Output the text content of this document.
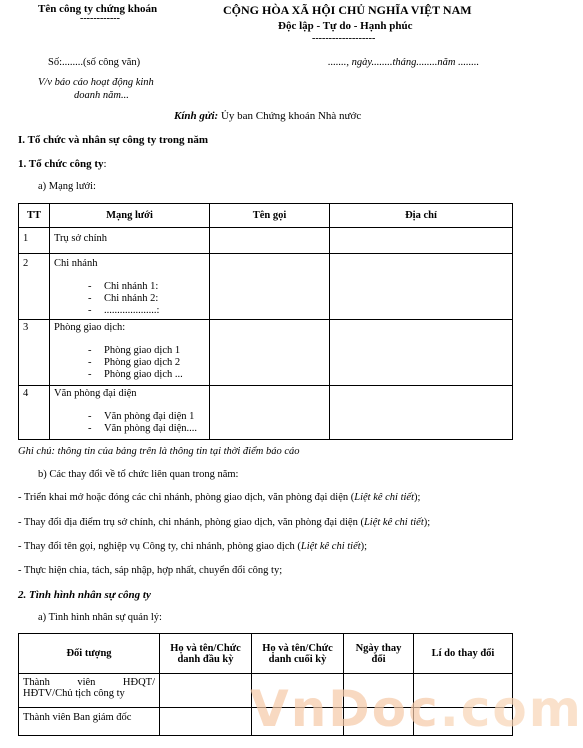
Tên công ty chứng khoán
------------
CỘNG HÒA XÃ HỘI CHỦ NGHĨA VIỆT NAM
Độc lập - Tự do - Hạnh phúc
-------------------
Số:........(số công văn)	......., ngày........tháng........năm ........
V/v báo cáo hoạt động kinh
doanh năm...
Kính gửi: Ủy ban Chứng khoán Nhà nước
I. Tổ chức và nhân sự công ty trong năm
1. Tổ chức công ty:
a) Mạng lưới:
TT	Mạng lưới	Tên gọi	Địa chỉ
1	Trụ sở chính		
2	Chi nhánh
- Chi nhánh 1:
- Chi nhánh 2:
- ....................:

3	Phòng giao dịch:
- Phòng giao dịch 1
- Phòng giao dịch 2
- Phòng giao dịch ...

4	Văn phòng đại diện
- Văn phòng đại diện 1
- Văn phòng đại diện....

Ghi chú: thông tin của bảng trên là thông tin tại thời điểm báo cáo
b) Các thay đổi về tổ chức liên quan trong năm:
- Triển khai mở hoặc đóng các chi nhánh, phòng giao dịch, văn phòng đại diện (Liệt kê chi tiết);
- Thay đổi địa điểm trụ sở chính, chi nhánh, phòng giao dịch, văn phòng đại diện (Liệt kê chi tiết);
- Thay đổi tên gọi, nghiệp vụ Công ty, chi nhánh, phòng giao dịch (Liệt kê chi tiết);
- Thực hiện chia, tách, sáp nhập, hợp nhất, chuyển đổi công ty;
2. Tình hình nhân sự công ty
a) Tình hình nhân sự quản lý:
Đối tượng	Họ và tên/Chức danh đầu kỳ	Họ và tên/Chức danh cuối kỳ	Ngày thay đổi	Lí do thay đổi
Thành viên HĐQT/ HĐTV/Chủ tịch công ty				
Thành viên Ban giám đốc				VnDoc.com
